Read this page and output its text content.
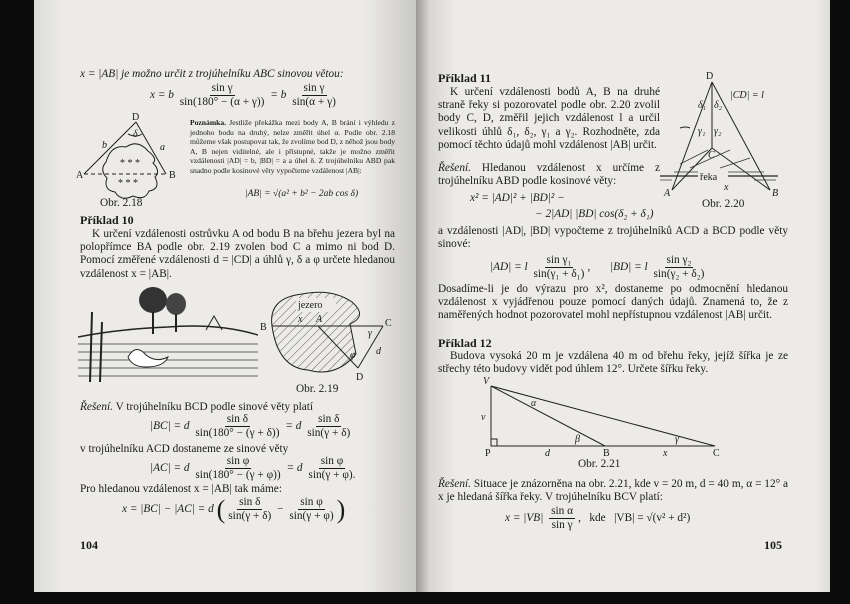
x = |AB| je možno určit z trojúhelníku ABC sinovou větou:
x = b $\frac{\text{sin γ}}{\sin(180^\circ - (\alpha + \gamma))} = b \frac{\text{sin γ}}{\sin(\alpha + \gamma)}$
D
δ
b	a
A	B
* * *
* * *
Obr. 2.18
Poznámka. Jestliže překážka mezi body A, B brání i výhledu z jednoho bodu na druhý, nelze změřit úhel α. Podle obr. 2.18 můžeme však postupovat tak, že zvolíme bod D, z něhož jsou body A, B nejen viditelné, ale i přístupné, takže je možno změřit vzdálenosti |AD| = b, |BD| = a a úhel δ. Z trojúhelníku ABD pak snadno podle kosinové věty vypočteme vzdálenost |AB|:
|AB| = √(a² + b² − 2ab cos δ)
Příklad 10
K určení vzdálenosti ostrůvku A od bodu B na břehu jezera byl na polopřímce BA podle obr. 2.19 zvolen bod C a mimo ni bod D. Pomocí změřené vzdálenosti d = |CD| a úhlů γ, δ a φ určete hledanou vzdálenost x = |AB|.
jezero
B
x A	C
γ
φ d
D
Obr. 2.19
Řešení. V trojúhelníku BCD podle sinové věty platí
|BC| = d $\frac{\text{sin δ}}{\sin(180^\circ - (\gamma + \delta))} = d \frac{\text{sin δ}}{\sin(\gamma + \delta)}$
v trojúhelníku ACD dostaneme ze sinové věty
|AC| = d $\frac{\text{sin φ}}{\sin(180^\circ - (\gamma + \varphi))} = d \frac{\text{sin φ}}{\sin(\gamma + \varphi).}$
Pro hledanou vzdálenost x = |AB| tak máme:
x = |BC| − |AC| = d ( $\frac{\text{sin δ}}{\sin(\gamma + \delta)} - \frac{\text{sin φ}}{\sin(\gamma + \varphi)}$ )
104
Příklad 11
K určení vzdálenosti bodů A, B na druhé straně řeky si pozorovatel podle obr. 2.20 zvolil body C, D, změřil jejich vzdálenost l a určil velikosti úhlů δ₁, δ₂, γ₁ a γ₂. Rozhodněte, zda pomocí těchto údajů mohl vzdálenost |AB| určit.
Řešení. Hledanou vzdálenost x určíme z trojúhelníku ABD podle kosinové věty:
x² = |AD|² + |BD|² −
− 2|AD| |BD| cos(δ₂ + δ₁)
a vzdálenosti |AD|, |BD| vypočteme z trojúhelníků ACD a BCD podle věty sinové:
|AD| = l $\frac{\text{sin γ₁}}{\text{sin(γ₁ + δ₁)}}$ , |BD| = l $\frac{\text{sin γ₂}}{\text{sin(γ₂ + δ₂)}}$
Dosadíme-li je do výrazu pro x², dostaneme po odmocnění hledanou vzdálenost x vyjádřenou pouze pomocí daných údajů. Znamená to, že z naměřených hodnot pozorovatel mohl nepřístupnou vzdálenost |AB| určit.
D
|CD| = l
δ₁ δ₂
γ₁ γ₂
C
řeka
A
x
B
Obr. 2.20
Příklad 12
Budova vysoká 20 m je vzdálena 40 m od břehu řeky, jejíž šířka je ze střechy této budovy vidět pod úhlem 12°. Určete šířku řeky.
V
v
α
β	γ
P	d	B	x	C
Obr. 2.21
Řešení. Situace je znázorněna na obr. 2.21, kde v = 20 m, d = 40 m, α = 12° a x je hledaná šířka řeky. V trojúhelníku BCV platí:
$x = |VB| \frac{\text{sin α}}{\text{sin γ}}$ ,   kde   |VB| = √(v² + d²)
105
